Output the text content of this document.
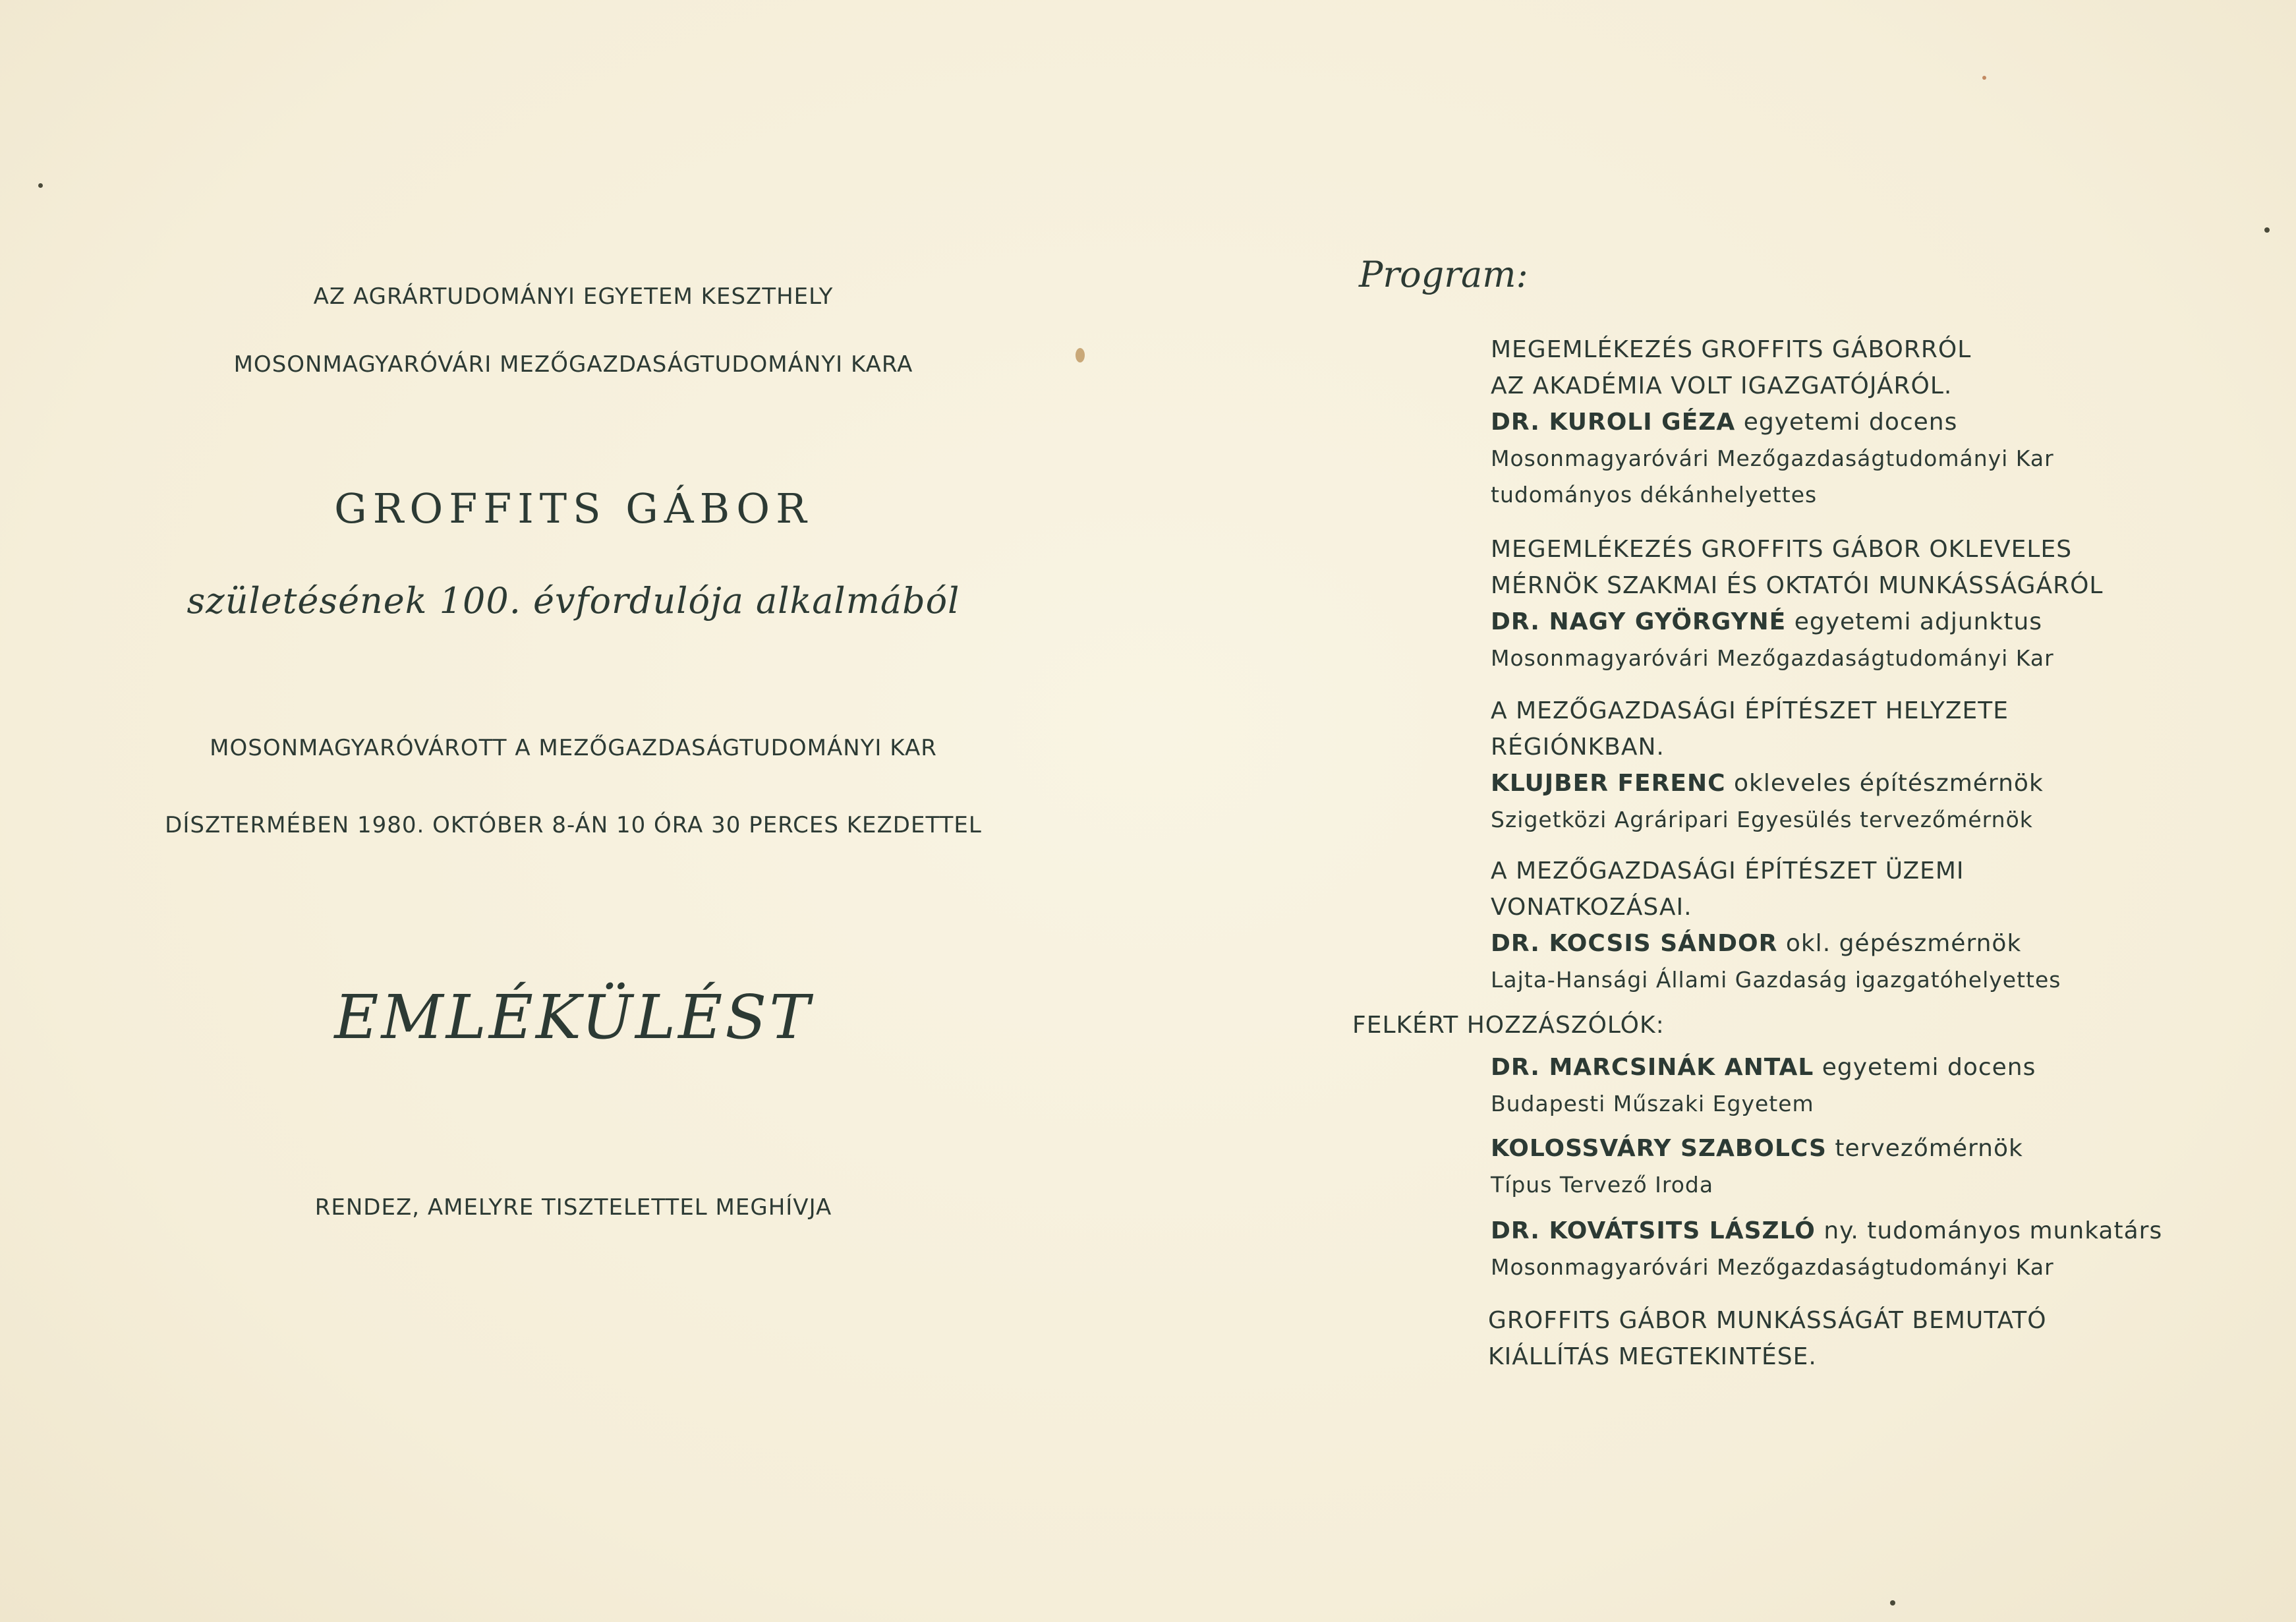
AZ AGRÁRTUDOMÁNYI EGYETEM KESZTHELY
MOSONMAGYARÓVÁRI MEZŐGAZDASÁGTUDOMÁNYI KARA
GROFFITS GÁBOR
születésének 100. évfordulója alkalmából
MOSONMAGYARÓVÁROTT A MEZŐGAZDASÁGTUDOMÁNYI KAR
DÍSZTERMÉBEN 1980. OKTÓBER 8-ÁN 10 ÓRA 30 PERCES KEZDETTEL
EMLÉKÜLÉST
RENDEZ, AMELYRE TISZTELETTEL MEGHÍVJA
Program:
MEGEMLÉKEZÉS GROFFITS GÁBORRÓL
AZ AKADÉMIA VOLT IGAZGATÓJÁRÓL.
DR. KUROLI GÉZA egyetemi docens
Mosonmagyaróvári Mezőgazdaságtudományi Kar
tudományos dékánhelyettes
MEGEMLÉKEZÉS GROFFITS GÁBOR OKLEVELES
MÉRNÖK SZAKMAI ÉS OKTATÓI MUNKÁSSÁGÁRÓL
DR. NAGY GYÖRGYNÉ egyetemi adjunktus
Mosonmagyaróvári Mezőgazdaságtudományi Kar
A MEZŐGAZDASÁGI ÉPÍTÉSZET HELYZETE
RÉGIÓNKBAN.
KLUJBER FERENC okleveles építészmérnök
Szigetközi Agráripari Egyesülés tervezőmérnök
A MEZŐGAZDASÁGI ÉPÍTÉSZET ÜZEMI
VONATKOZÁSAI.
DR. KOCSIS SÁNDOR okl. gépészmérnök
Lajta-Hansági Állami Gazdaság igazgatóhelyettes
FELKÉRT HOZZÁSZÓLÓK:
DR. MARCSINÁK ANTAL egyetemi docens
Budapesti Műszaki Egyetem
KOLOSSVÁRY SZABOLCS tervezőmérnök
Típus Tervező Iroda
DR. KOVÁTSITS LÁSZLÓ ny. tudományos munkatárs
Mosonmagyaróvári Mezőgazdaságtudományi Kar
GROFFITS GÁBOR MUNKÁSSÁGÁT BEMUTATÓ
KIÁLLÍTÁS MEGTEKINTÉSE.
